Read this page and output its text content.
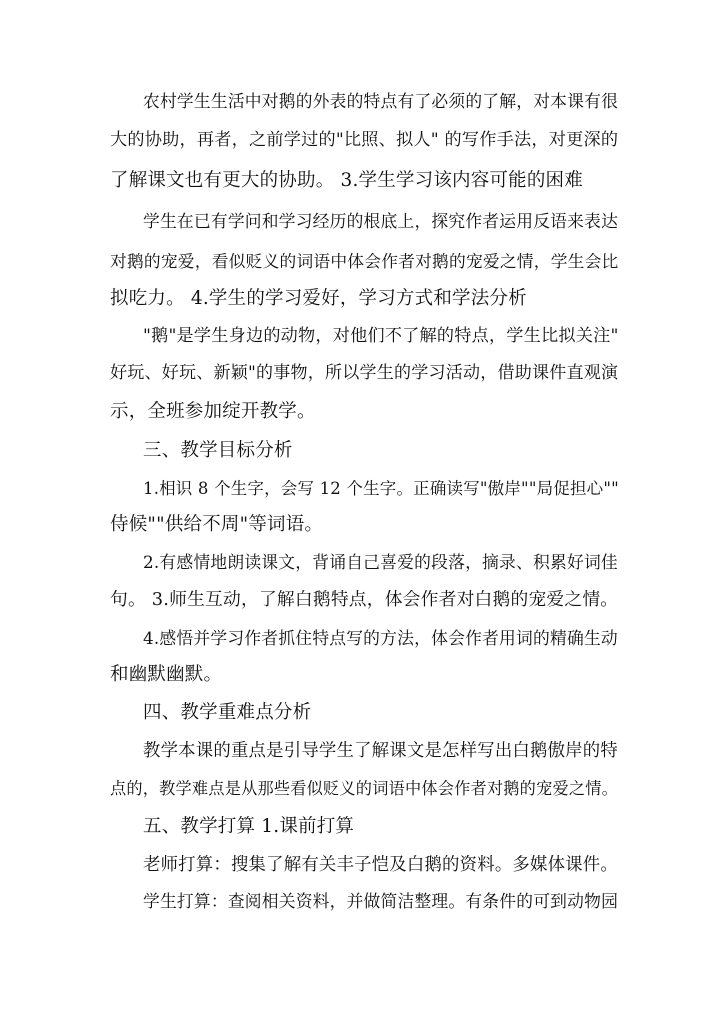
农村学生生活中对鹅的外表的特点有了必须的了解，对本课有很
大的协助，再者，之前学过的"比照、拟人" 的写作手法，对更深的
了解课文也有更大的协助。 3.学生学习该内容可能的困难
学生在已有学问和学习经历的根底上，探究作者运用反语来表达
对鹅的宠爱，看似贬义的词语中体会作者对鹅的宠爱之情，学生会比
拟吃力。 4.学生的学习爱好，学习方式和学法分析
"鹅"是学生身边的动物，对他们不了解的特点，学生比拟关注"
好玩、好玩、新颖"的事物，所以学生的学习活动，借助课件直观演
示，全班参加绽开教学。
三、教学目标分析
1.相识 8 个生字，会写 12 个生字。正确读写"傲岸""局促担心""
侍候""供给不周"等词语。
2.有感情地朗读课文，背诵自己喜爱的段落，摘录、积累好词佳
句。 3.师生互动，了解白鹅特点，体会作者对白鹅的宠爱之情。
4.感悟并学习作者抓住特点写的方法，体会作者用词的精确生动
和幽默幽默。
四、教学重难点分析
教学本课的重点是引导学生了解课文是怎样写出白鹅傲岸的特
点的，教学难点是从那些看似贬义的词语中体会作者对鹅的宠爱之情。
五、教学打算 1.课前打算
老师打算：搜集了解有关丰子恺及白鹅的资料。多媒体课件。
学生打算：查阅相关资料，并做简洁整理。有条件的可到动物园
